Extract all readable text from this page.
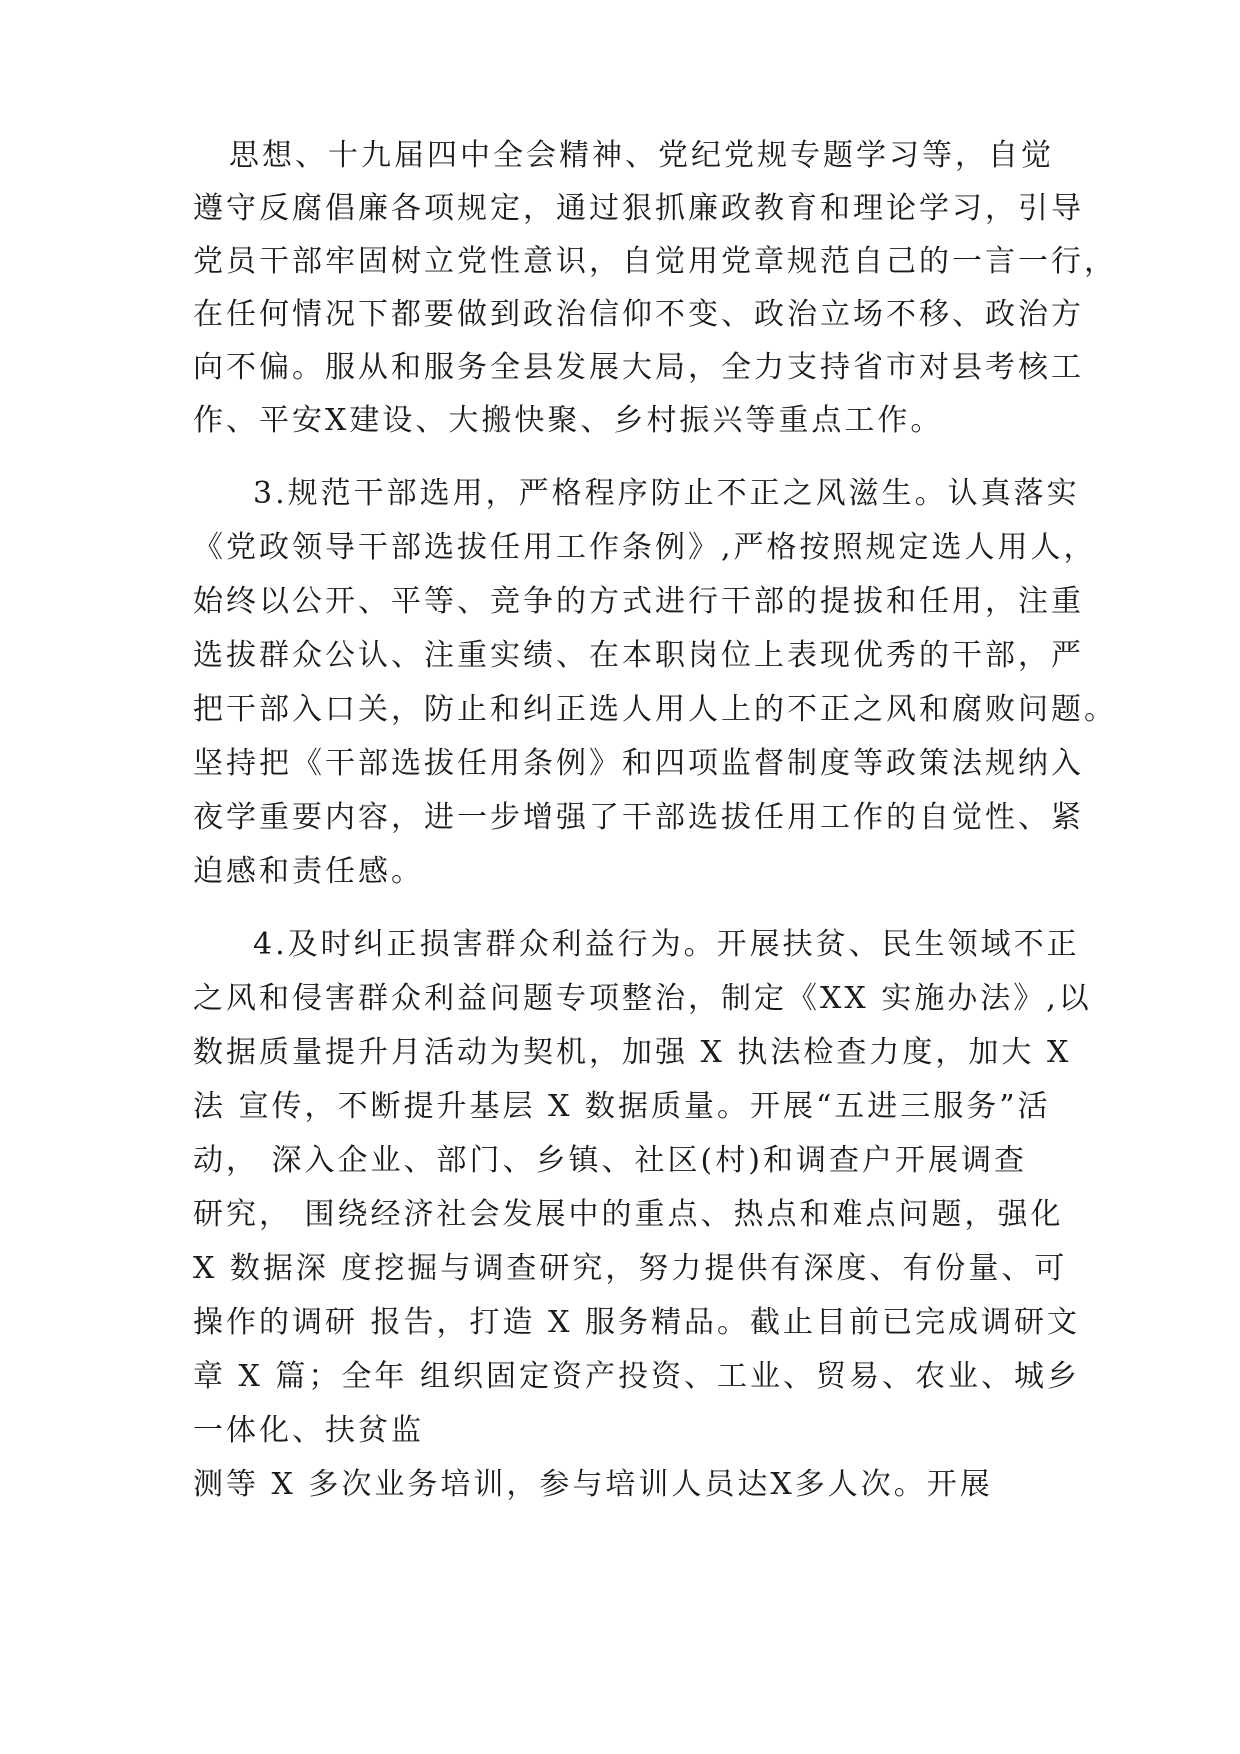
思想、十九届四中全会精神、党纪党规专题学习等，自觉
遵守反腐倡廉各项规定，通过狠抓廉政教育和理论学习，引导
党员干部牢固树立党性意识，自觉用党章规范自己的一言一行，
在任何情况下都要做到政治信仰不变、政治立场不移、政治方
向不偏。服从和服务全县发展大局，全力支持省市对县考核工
作、平安X建设、大搬快聚、乡村振兴等重点工作。
3.规范干部选用，严格程序防止不正之风滋生。认真落实
《党政领导干部选拔任用工作条例》,严格按照规定选人用人，
始终以公开、平等、竞争的方式进行干部的提拔和任用，注重
选拔群众公认、注重实绩、在本职岗位上表现优秀的干部，严
把干部入口关，防止和纠正选人用人上的不正之风和腐败问题。
坚持把《干部选拔任用条例》和四项监督制度等政策法规纳入
夜学重要内容，进一步增强了干部选拔任用工作的自觉性、紧
迫感和责任感。
4.及时纠正损害群众利益行为。开展扶贫、民生领域不正
之风和侵害群众利益问题专项整治，制定《XX 实施办法》,以
数据质量提升月活动为契机，加强 X 执法检查力度，加大 X
法 宣传，不断提升基层 X 数据质量。开展“五进三服务”活
动， 深入企业、部门、乡镇、社区(村)和调查户开展调查
研究， 围绕经济社会发展中的重点、热点和难点问题，强化
X 数据深 度挖掘与调查研究，努力提供有深度、有份量、可
操作的调研 报告，打造 X 服务精品。截止目前已完成调研文
章 X 篇；全年 组织固定资产投资、工业、贸易、农业、城乡
一体化、扶贫监
测等 X 多次业务培训，参与培训人员达X多人次。开展
